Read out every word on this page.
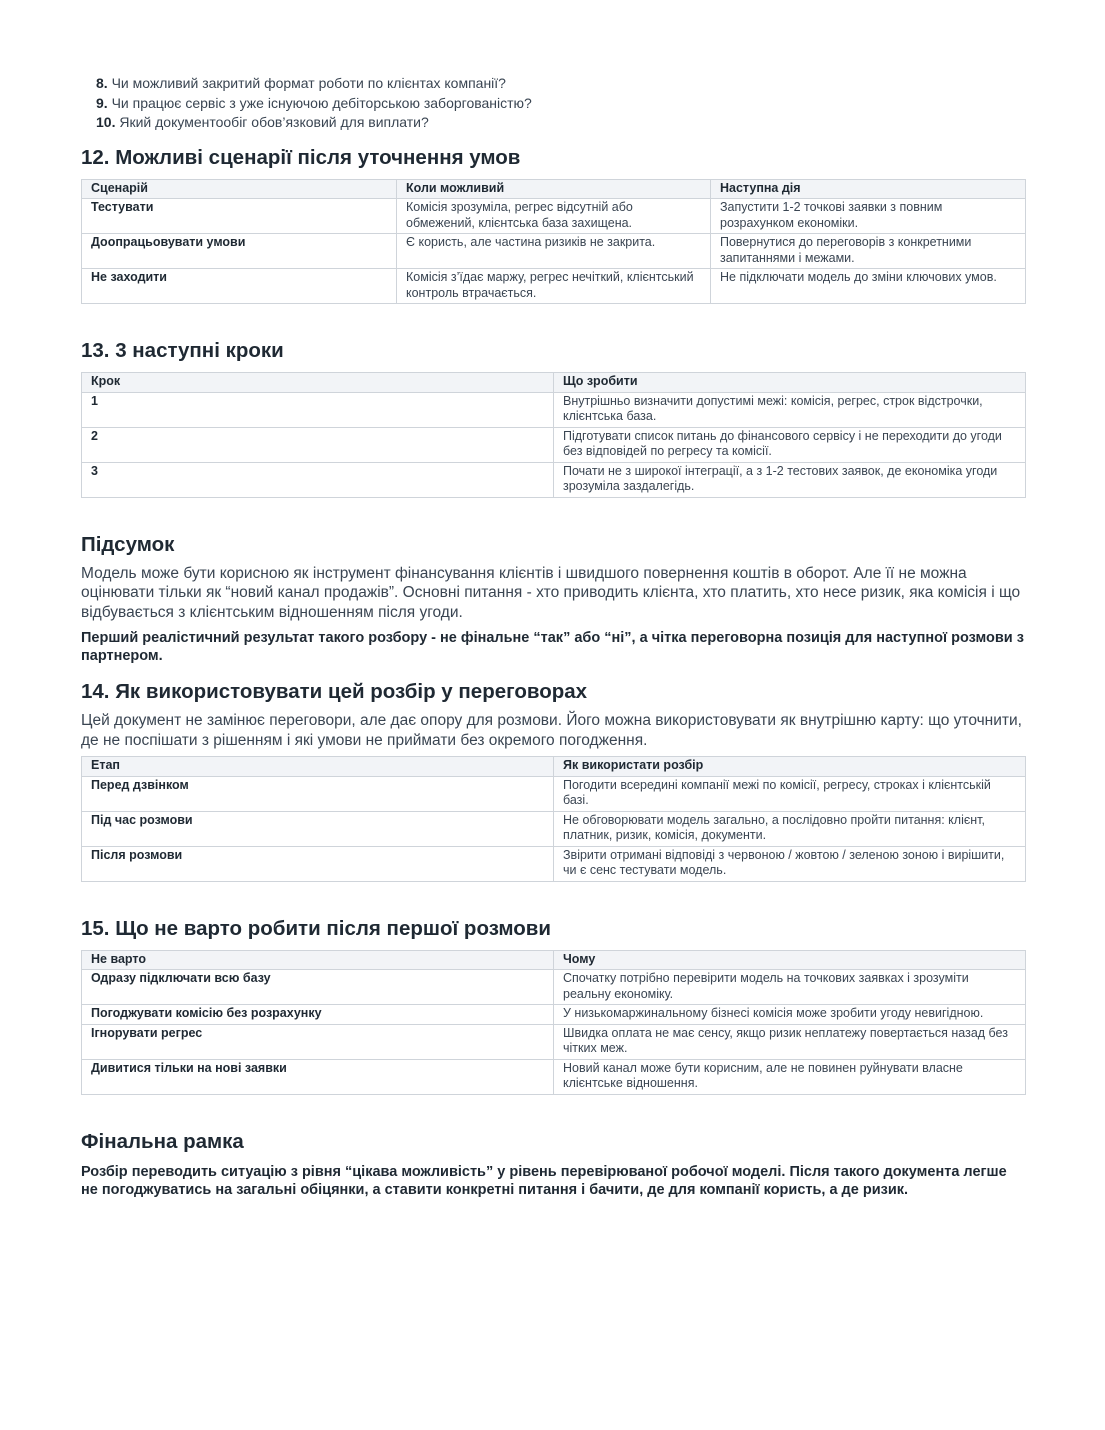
8. Чи можливий закритий формат роботи по клієнтах компанії?
9. Чи працює сервіс з уже існуючою дебіторською заборгованістю?
10. Який документообіг обов’язковий для виплати?
12. Можливі сценарії після уточнення умов
Сценарій	Коли можливий	Наступна дія
Тестувати	Комісія зрозуміла, регрес відсутній або обмежений, клієнтська база захищена.	Запустити 1-2 точкові заявки з повним розрахунком економіки.
Доопрацьовувати умови	Є користь, але частина ризиків не закрита.	Повернутися до переговорів з конкретними запитаннями і межами.
Не заходити	Комісія з’їдає маржу, регрес нечіткий, клієнтський контроль втрачається.	Не підключати модель до зміни ключових умов.
13. 3 наступні кроки
Крок	Що зробити
1	Внутрішньо визначити допустимі межі: комісія, регрес, строк відстрочки, клієнтська база.
2	Підготувати список питань до фінансового сервісу і не переходити до угоди без відповідей по регресу та комісії.
3	Почати не з широкої інтеграції, а з 1-2 тестових заявок, де економіка угоди зрозуміла заздалегідь.
Підсумок

Модель може бути корисною як інструмент фінансування клієнтів і швидшого повернення коштів в оборот. Але її не можна оцінювати тільки як “новий канал продажів”. Основні питання - хто приводить клієнта, хто платить, хто несе ризик, яка комісія і що відбувається з клієнтським відношенням після угоди.

Перший реалістичний результат такого розбору - не фінальне “так” або “ні”, а чітка переговорна позиція для наступної розмови з партнером.

14. Як використовувати цей розбір у переговорах

Цей документ не замінює переговори, але дає опору для розмови. Його можна використовувати як внутрішню карту: що уточнити, де не поспішати з рішенням і які умови не приймати без окремого погодження.

Етап	Як використати розбір
Перед дзвінком	Погодити всередині компанії межі по комісії, регресу, строках і клієнтській базі.
Під час розмови	Не обговорювати модель загально, а послідовно пройти питання: клієнт, платник, ризик, комісія, документи.
Після розмови	Звірити отримані відповіді з червоною / жовтою / зеленою зоною і вирішити, чи є сенс тестувати модель.
15. Що не варто робити після першої розмови
Не варто	Чому
Одразу підключати всю базу	Спочатку потрібно перевірити модель на точкових заявках і зрозуміти реальну економіку.
Погоджувати комісію без розрахунку	У низькомаржинальному бізнесі комісія може зробити угоду невигідною.
Ігнорувати регрес	Швидка оплата не має сенсу, якщо ризик неплатежу повертається назад без чітких меж.
Дивитися тільки на нові заявки	Новий канал може бути корисним, але не повинен руйнувати власне клієнтське відношення.
Фінальна рамка

Розбір переводить ситуацію з рівня “цікава можливість” у рівень перевірюваної робочої моделі. Після такого документа легше не погоджуватись на загальні обіцянки, а ставити конкретні питання і бачити, де для компанії користь, а де ризик.
